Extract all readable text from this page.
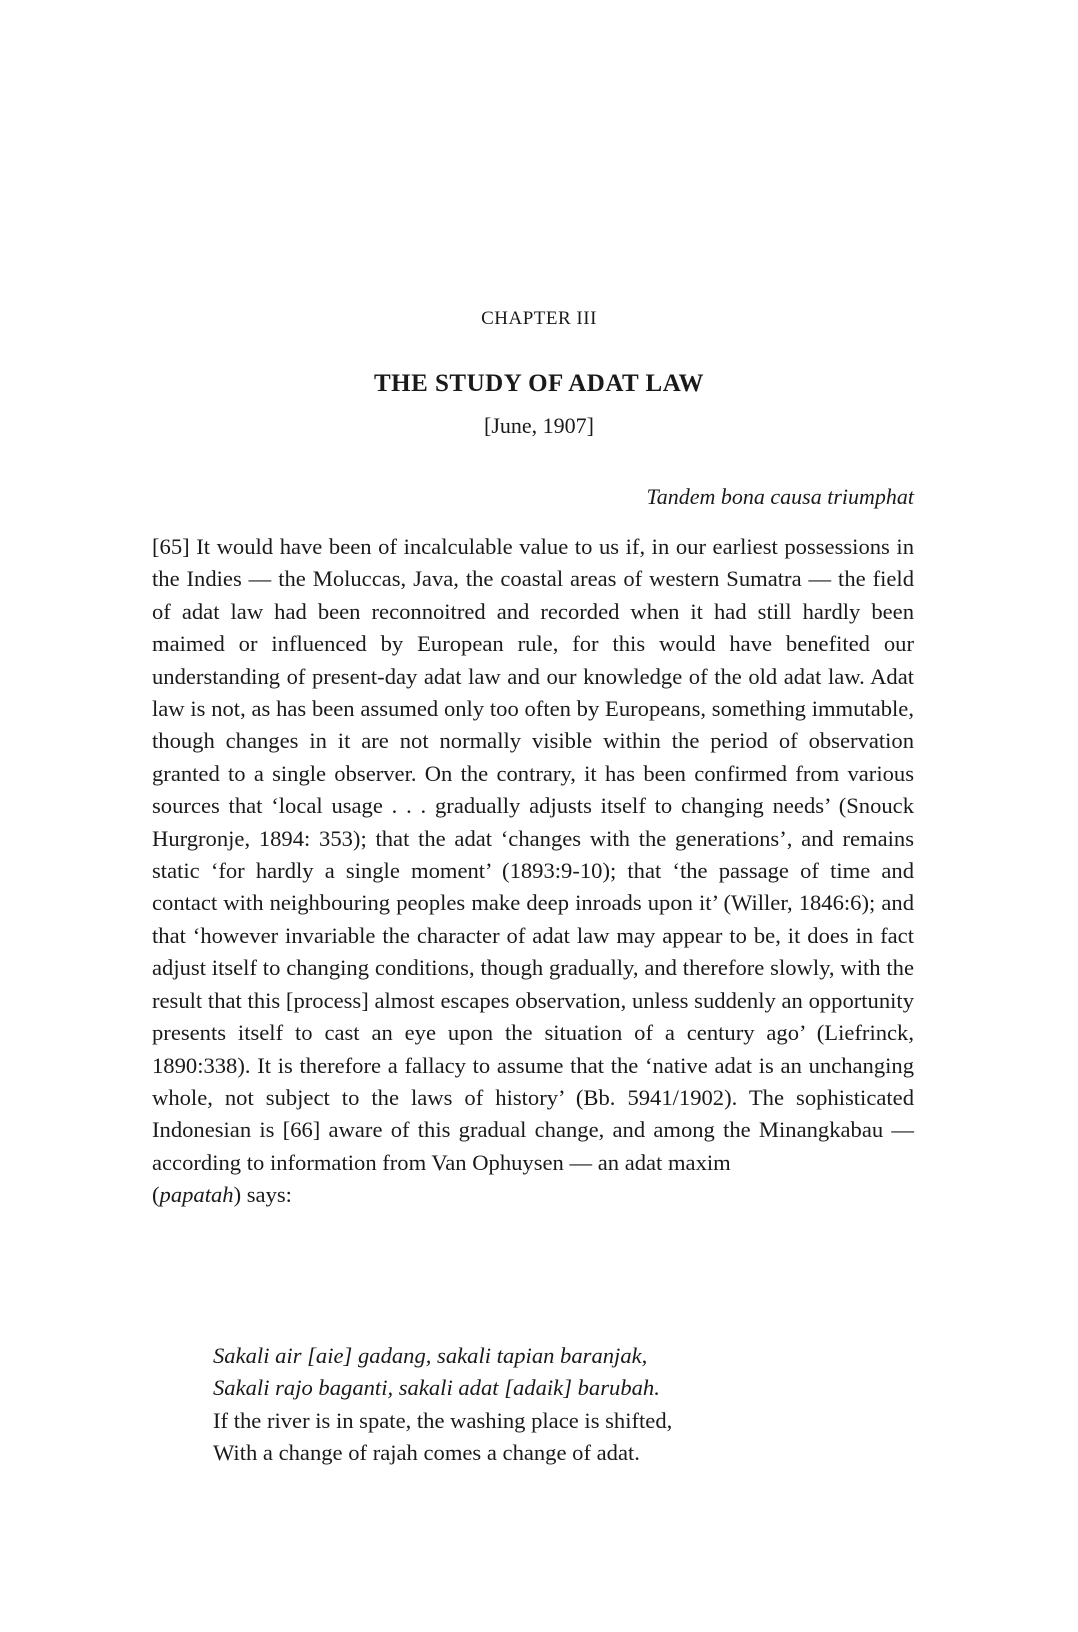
CHAPTER III
THE STUDY OF ADAT LAW
[June, 1907]
Tandem bona causa triumphat

[65] It would have been of incalculable value to us if, in our earliest possessions in the Indies — the Moluccas, Java, the coastal areas of western Sumatra — the field of adat law had been reconnoitred and recorded when it had still hardly been maimed or influenced by European rule, for this would have benefited our understanding of present-day adat law and our knowledge of the old adat law. Adat law is not, as has been assumed only too often by Europeans, something immutable, though changes in it are not normally visible within the period of observation granted to a single observer. On the contrary, it has been confirmed from various sources that ‘local usage . . . gradually adjusts itself to changing needs’ (Snouck Hurgronje, 1894: 353); that the adat ‘changes with the generations’, and remains static ‘for hardly a single moment’ (1893:9-10); that ‘the passage of time and contact with neighbouring peoples make deep inroads upon it’ (Willer, 1846:6); and that ‘however invariable the character of adat law may appear to be, it does in fact adjust itself to changing conditions, though gradually, and therefore slowly, with the result that this [process] almost escapes observation, unless suddenly an opportunity presents itself to cast an eye upon the situation of a century ago’ (Liefrinck, 1890:338). It is therefore a fallacy to assume that the ‘native adat is an unchanging whole, not subject to the laws of history’ (Bb. 5941/1902). The sophisticated Indonesian is [66] aware of this gradual change, and among the Minangkabau — according to information from Van Ophuysen — an adat maxim
(papatah) says:

Sakali air [aie] gadang, sakali tapian baranjak,
Sakali rajo baganti, sakali adat [adaik] barubah.
If the river is in spate, the washing place is shifted,
With a change of rajah comes a change of adat.
